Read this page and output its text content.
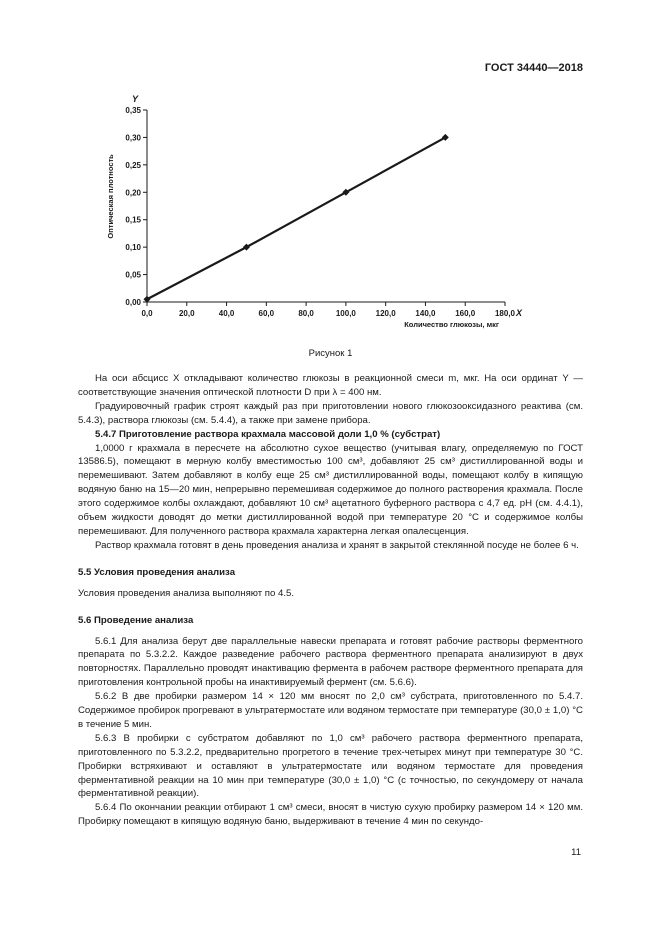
ГОСТ 34440—2018
0,00
0,05
0,10
0,15
0,20
0,25
0,30
0,35
0,0	20,0	40,0	60,0	80,0	100,0 120,0 140,0 160,0 180,0
Y
X
Количество глюкозы, мкг
Оптическая плотность
Рисунок 1

На оси абсцисс X откладывают количество глюкозы в реакционной смеси m, мкг. На оси ординат Y — соответствующие значения оптической плотности D при λ = 400 нм.

Градуировочный график строят каждый раз при приготовлении нового глюкозооксидазного реактива (см. 5.4.3), раствора глюкозы (см. 5.4.4), а также при замене прибора.

5.4.7 Приготовление раствора крахмала массовой доли 1,0 % (субстрат)

1,0000 г крахмала в пересчете на абсолютно сухое вещество (учитывая влагу, определяемую по ГОСТ 13586.5), помещают в мерную колбу вместимостью 100 см³, добавляют 25 см³ дистиллированной воды и перемешивают. Затем добавляют в колбу еще 25 см³ дистиллированной воды, помещают колбу в кипящую водяную баню на 15—20 мин, непрерывно перемешивая содержимое до полного растворения крахмала. После этого содержимое колбы охлаждают, добавляют 10 см³ ацетатного буферного раствора с 4,7 ед. pH (см. 4.4.1), объем жидкости доводят до метки дистиллированной водой при температуре 20 °С и содержимое колбы перемешивают. Для полученного раствора крахмала характерна легкая опалесценция.

Раствор крахмала готовят в день проведения анализа и хранят в закрытой стеклянной посуде не более 6 ч.

5.5 Условия проведения анализа

Условия проведения анализа выполняют по 4.5.

5.6 Проведение анализа

5.6.1 Для анализа берут две параллельные навески препарата и готовят рабочие растворы ферментного препарата по 5.3.2.2. Каждое разведение рабочего раствора ферментного препарата анализируют в двух повторностях. Параллельно проводят инактивацию фермента в рабочем растворе ферментного препарата для приготовления контрольной пробы на инактивируемый фермент (см. 5.6.6).

5.6.2 В две пробирки размером 14 × 120 мм вносят по 2,0 см³ субстрата, приготовленного по 5.4.7. Содержимое пробирок прогревают в ультратермостате или водяном термостате при температуре (30,0 ± 1,0) °С в течение 5 мин.

5.6.3 В пробирки с субстратом добавляют по 1,0 см³ рабочего раствора ферментного препарата, приготовленного по 5.3.2.2, предварительно прогретого в течение трех-четырех минут при температуре 30 °С. Пробирки встряхивают и оставляют в ультратермостате или водяном термостате для проведения ферментативной реакции на 10 мин при температуре (30,0 ± 1,0) °С (с точностью, по секундомеру от начала ферментативной реакции).

5.6.4 По окончании реакции отбирают 1 см³ смеси, вносят в чистую сухую пробирку размером 14 × 120 мм. Пробирку помещают в кипящую водяную баню, выдерживают в течение 4 мин по секундо-

11
